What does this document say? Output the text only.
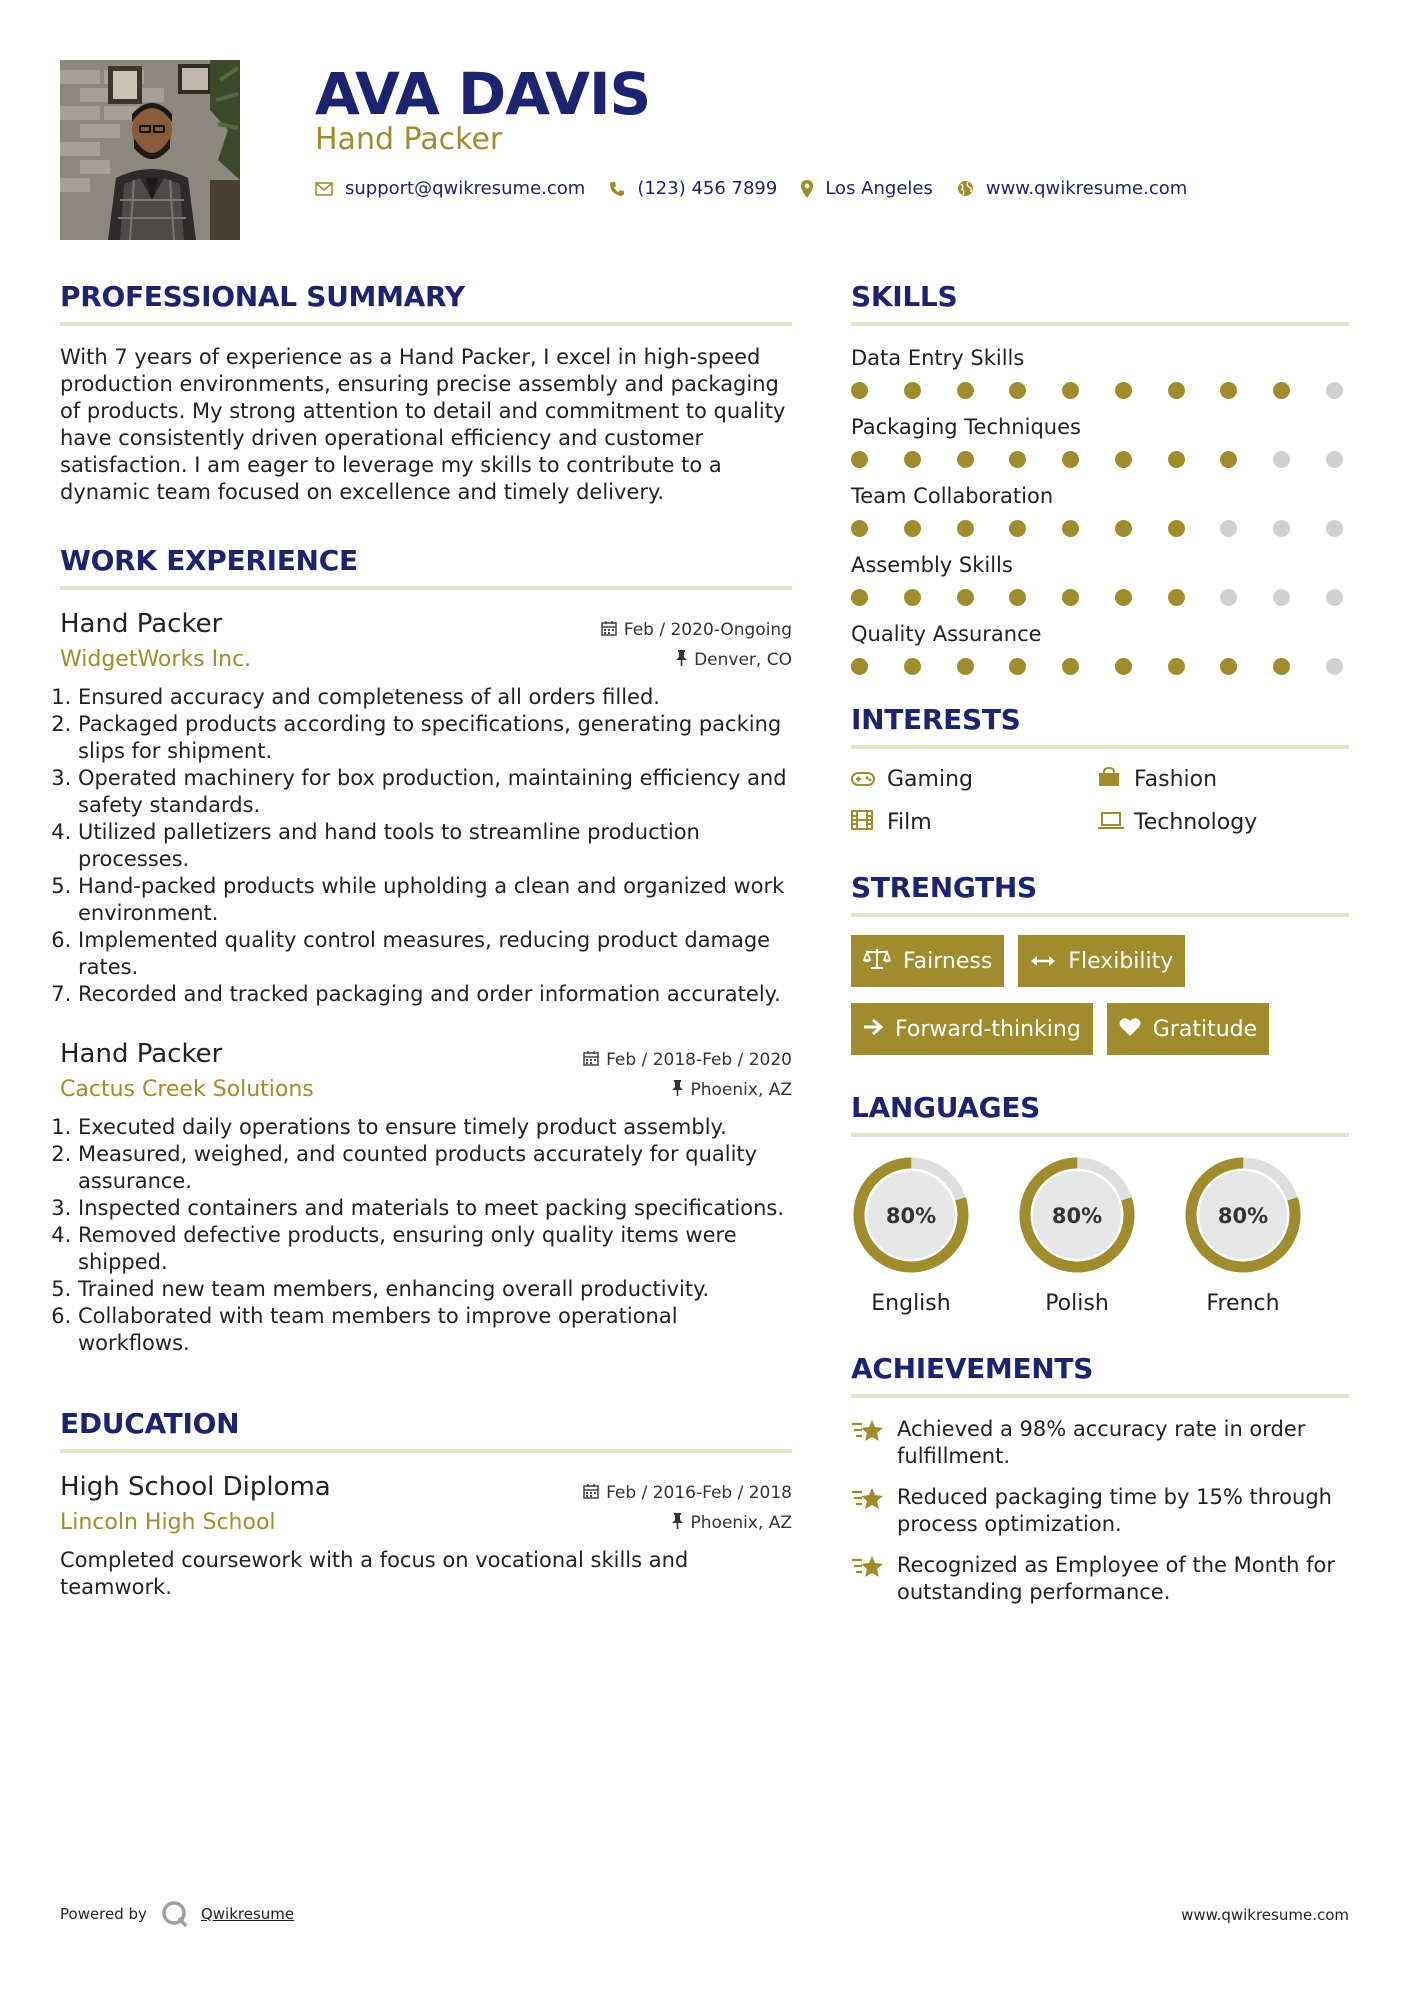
AVA DAVIS
Hand Packer
support@qwikresume.com	(123) 456 7899	Los Angeles	www.qwikresume.com
PROFESSIONAL SUMMARY

With 7 years of experience as a Hand Packer, I excel in high-speed production environments, ensuring precise assembly and packaging of products. My strong attention to detail and commitment to quality have consistently driven operational efficiency and customer satisfaction. I am eager to leverage my skills to contribute to a dynamic team focused on excellence and timely delivery.

WORK EXPERIENCE
Hand Packer	Feb / 2020-Ongoing
WidgetWorks Inc.	Denver, CO
1. Ensured accuracy and completeness of all orders filled.
2. Packaged products according to specifications, generating packing slips for shipment.
3. Operated machinery for box production, maintaining efficiency and safety standards.
4. Utilized palletizers and hand tools to streamline production processes.
5. Hand-packed products while upholding a clean and organized work environment.
6. Implemented quality control measures, reducing product damage rates.
7. Recorded and tracked packaging and order information accurately.
Hand Packer	Feb / 2018-Feb / 2020
Cactus Creek Solutions	Phoenix, AZ
1. Executed daily operations to ensure timely product assembly.
2. Measured, weighed, and counted products accurately for quality assurance.
3. Inspected containers and materials to meet packing specifications.
4. Removed defective products, ensuring only quality items were shipped.
5. Trained new team members, enhancing overall productivity.
6. Collaborated with team members to improve operational workflows.
EDUCATION
High School Diploma	Feb / 2016-Feb / 2018
Lincoln High School	Phoenix, AZ

Completed coursework with a focus on vocational skills and teamwork.

SKILLS
Data Entry Skills
Packaging Techniques
Team Collaboration
Assembly Skills
Quality Assurance
INTERESTS
Gaming	Fashion
Film	Technology
STRENGTHS
Fairness	Flexibility
Forward-thinking	Gratitude
LANGUAGES
80%
English
80%
Polish
80%
French
ACHIEVEMENTS
Achieved a 98% accuracy rate in order fulfillment.
Reduced packaging time by 15% through process optimization.
Recognized as Employee of the Month for outstanding performance.
Powered by	Qwikresume	www.qwikresume.com
